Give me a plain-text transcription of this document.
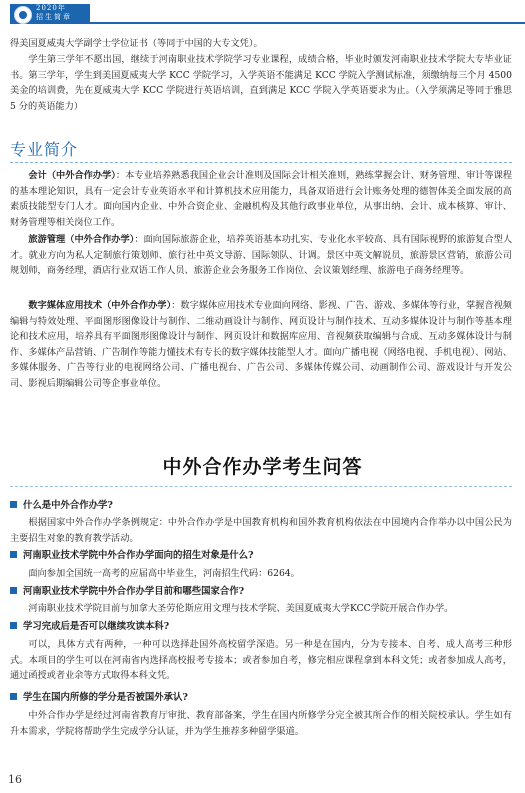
2020年
招生简章

得美国夏威夷大学副学士学位证书（等同于中国的大专文凭）。

学生第三学年不愿出国，继续于河南职业技术学院学习专业课程，成绩合格，毕业时颁发河南职业技术学院大专毕业证书。第三学年，学生到美国夏威夷大学 KCC 学院学习，入学英语不能满足 KCC 学院入学测试标准，须缴纳每三个月 4500 美金的培训费，先在夏威夷大学 KCC 学院进行英语培训，直到满足 KCC 学院入学英语要求为止。（入学须满足等同于雅思 5 分的英语能力）

专业简介

会计（中外合作办学）：本专业培养熟悉我国企业会计准则及国际会计相关准则，熟练掌握会计、财务管理、审计等课程的基本理论知识，具有一定会计专业英语水平和计算机技术应用能力，具备双语进行会计账务处理的德智体美全面发展的高素质技能型专门人才。面向国内企业、中外合资企业、金融机构及其他行政事业单位，从事出纳、会计、成本核算、审计、财务管理等相关岗位工作。

旅游管理（中外合作办学）：面向国际旅游企业，培养英语基本功扎实、专业化水平较高、具有国际视野的旅游复合型人才。就业方向为私人定制旅行策划师、旅行社中英文导游、国际领队、计调。景区中英文解说员，旅游景区营销，旅游公司规划师，商务经理，酒店行业双语工作人员、旅游企业会务服务工作岗位、会议策划经理、旅游电子商务经理等。

数字媒体应用技术（中外合作办学）：数字媒体应用技术专业面向网络、影视、广告、游戏、多媒体等行业，掌握音视频编辑与特效处理、平面图形图像设计与制作、二维动画设计与制作、网页设计与制作技术、互动多媒体设计与制作等基本理论和技术应用，培养具有平面图形图像设计与制作、网页设计和数据库应用、音视频获取编辑与合成、互动多媒体设计与制作、多媒体产品营销、广告制作等能力懂技术有专长的数字媒体技能型人才。面向广播电视（网络电视、手机电视）、网站、多媒体服务、广告等行业的电视网络公司、广播电视台、广告公司、多媒体传媒公司、动画制作公司、游戏设计与开发公司、影视后期编辑公司等企事业单位。

中外合作办学考生问答
什么是中外合作办学?

根据国家中外合作办学条例规定：中外合作办学是中国教育机构和国外教育机构依法在中国境内合作举办以中国公民为主要招生对象的教育教学活动。

河南职业技术学院中外合作办学面向的招生对象是什么?

面向参加全国统一高考的应届高中毕业生，河南招生代码：6264。

河南职业技术学院中外合作办学目前和哪些国家合作?

河南职业技术学院目前与加拿大圣劳伦斯应用文理与技术学院、美国夏威夷大学KCC学院开展合作办学。

学习完成后是否可以继续攻读本科?

可以，具体方式有两种，一种可以选择赴国外高校留学深造。另一种是在国内，分为专接本、自考、成人高考三种形式。本项目的学生可以在河南省内选择高校报考专接本；或者参加自考，修完相应课程拿到本科文凭；或者参加成人高考，通过函授或者业余等方式取得本科文凭。

学生在国内所修的学分是否被国外承认?

中外合作办学是经过河南省教育厅审批、教育部备案，学生在国内所修学分完全被其所合作的相关院校承认。学生如有升本需求，学院将帮助学生完成学分认证，并为学生推荐多种留学渠道。

16
